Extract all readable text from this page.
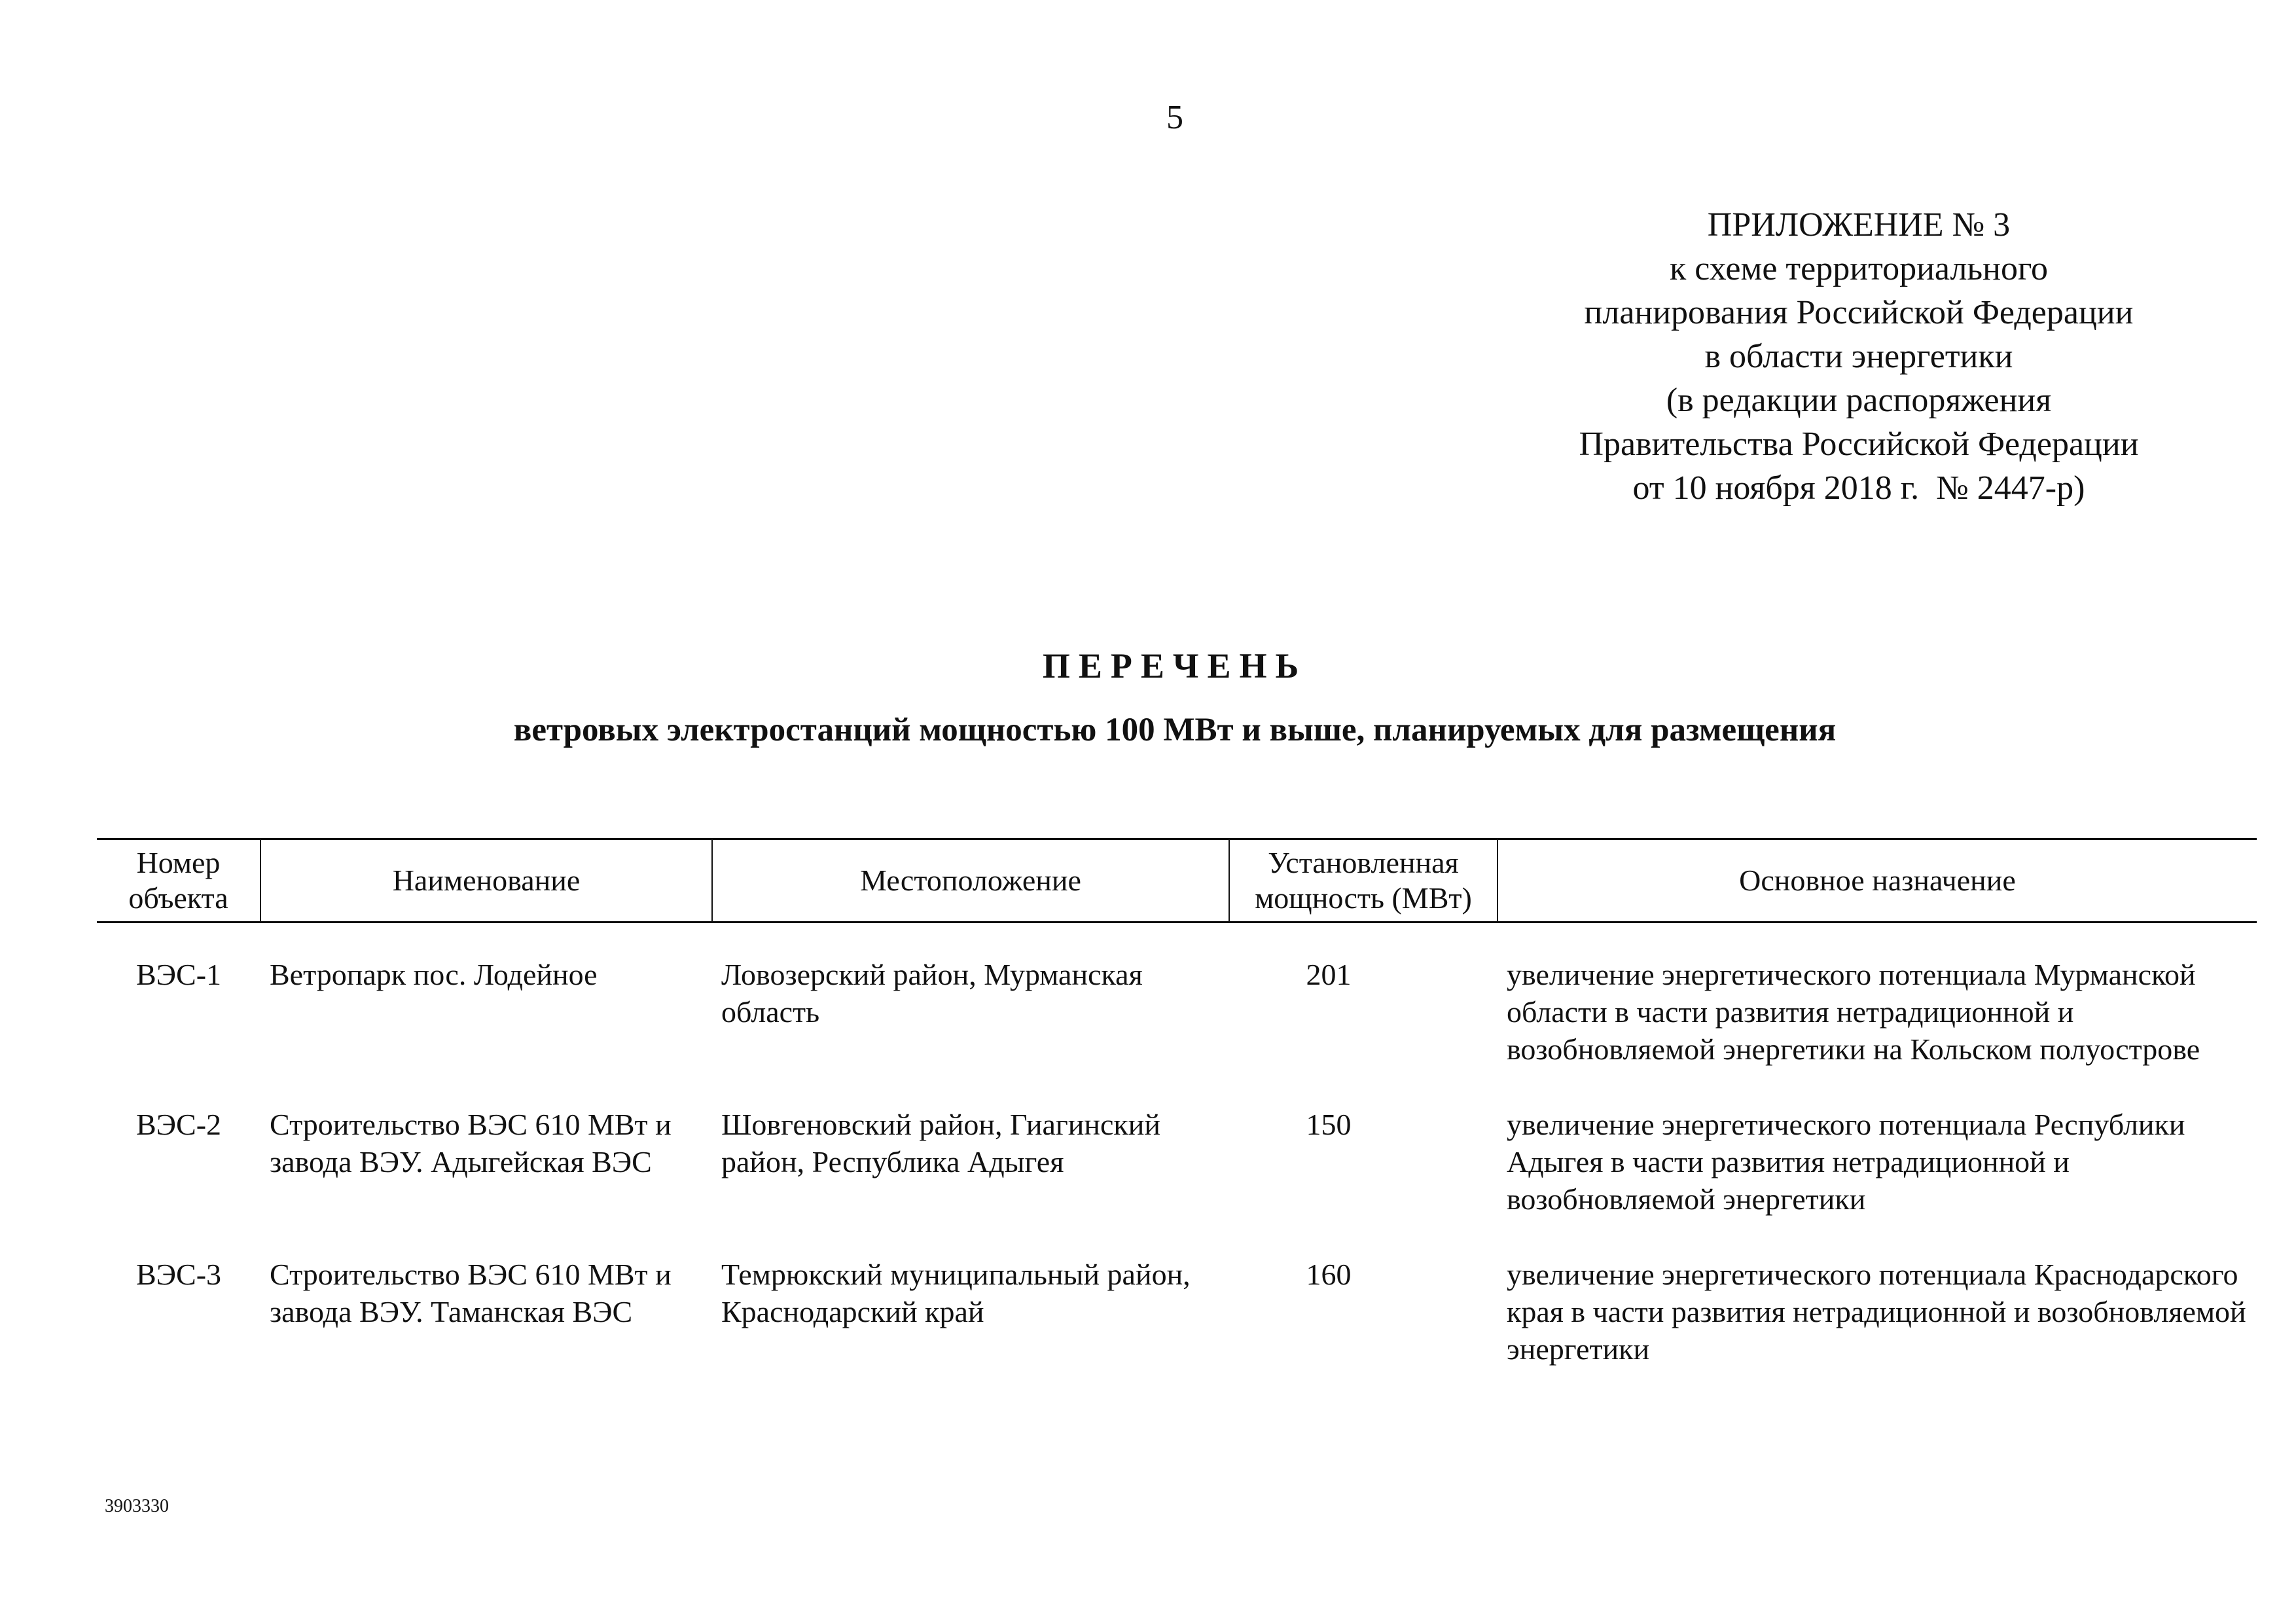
5
ПРИЛОЖЕНИЕ № 3
к схеме территориального
планирования Российской Федерации
в области энергетики
(в редакции распоряжения
Правительства Российской Федерации
от 10 ноября 2018 г.  № 2447-р)
ПЕРЕЧЕНЬ
ветровых электростанций мощностью 100 МВт и выше, планируемых для размещения
Номер объекта	Наименование	Местоположение	Установленная мощность (МВт)	Основное назначение

ВЭС-1	Ветропарк пос. Лодейное	Ловозерский район, Мурманская область	201	увеличение энергетического потенциала Мурманской области в части развития нетрадиционной и возобновляемой энергетики на Кольском полуострове
ВЭС-2	Строительство ВЭС 610 МВт и завода ВЭУ. Адыгейская ВЭС	Шовгеновский район, Гиагинский район, Республика Адыгея	150	увеличение энергетического потенциала Республики Адыгея в части развития нетрадиционной и возобновляемой энергетики
ВЭС-3	Строительство ВЭС 610 МВт и завода ВЭУ. Таманская ВЭС	Темрюкский муниципальный район, Краснодарский край	160	увеличение энергетического потенциала Краснодарского края в части развития нетрадиционной и возобновляемой энергетики
3903330
